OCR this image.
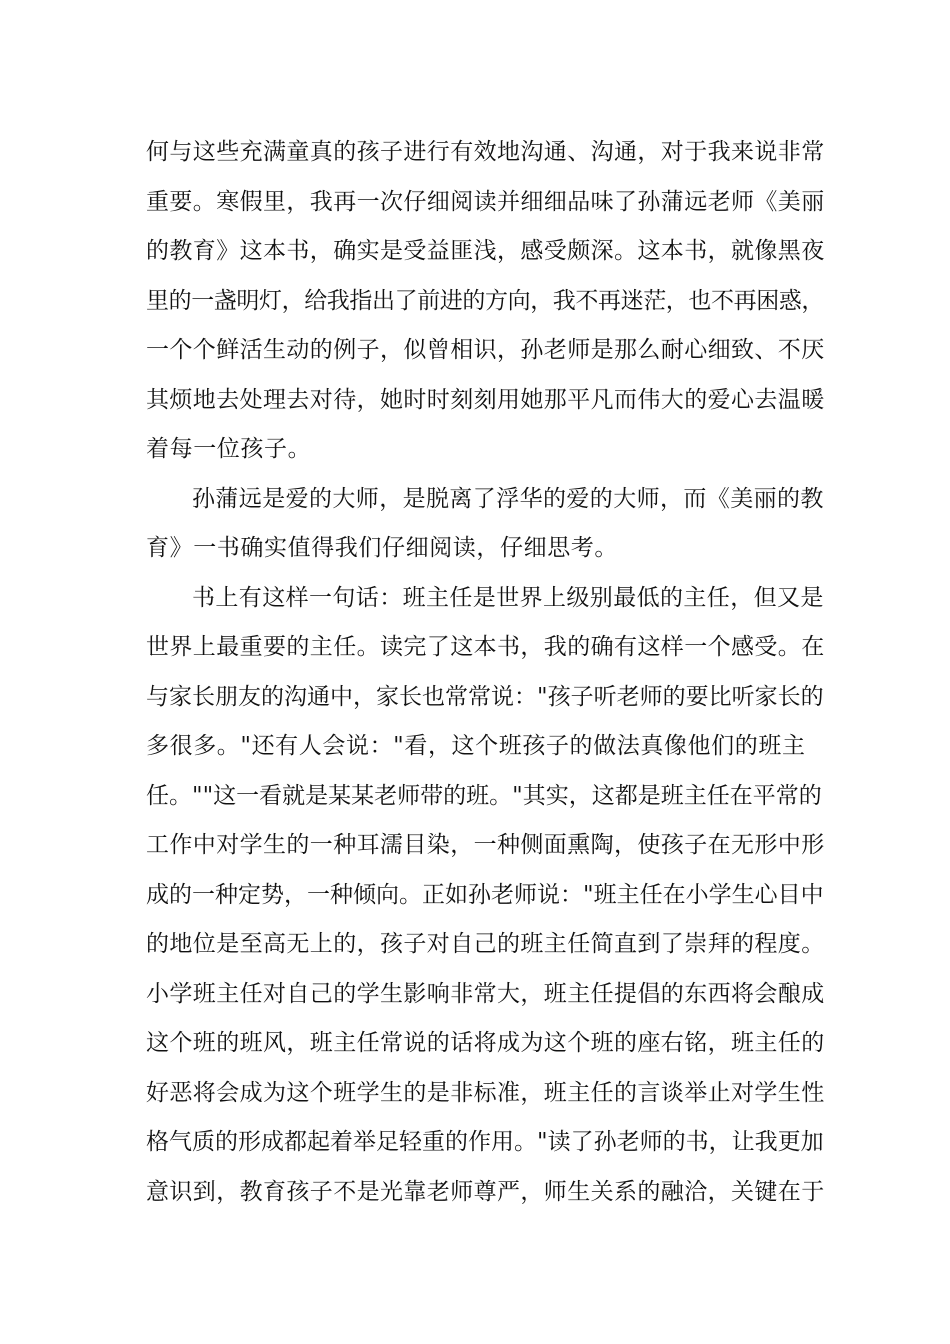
何与这些充满童真的孩子进行有效地沟通、沟通，对于我来说非常
重要。寒假里，我再一次仔细阅读并细细品味了孙蒲远老师《美丽
的教育》这本书，确实是受益匪浅，感受颇深。这本书，就像黑夜
里的一盏明灯，给我指出了前进的方向，我不再迷茫，也不再困惑，
一个个鲜活生动的例子，似曾相识，孙老师是那么耐心细致、不厌
其烦地去处理去对待，她时时刻刻用她那平凡而伟大的爱心去温暖
着每一位孩子。
孙蒲远是爱的大师，是脱离了浮华的爱的大师，而《美丽的教
育》一书确实值得我们仔细阅读，仔细思考。
书上有这样一句话：班主任是世界上级别最低的主任，但又是
世界上最重要的主任。读完了这本书，我的确有这样一个感受。在
与家长朋友的沟通中，家长也常常说："孩子听老师的要比听家长的
多很多。"还有人会说："看，这个班孩子的做法真像他们的班主
任。""这一看就是某某老师带的班。"其实，这都是班主任在平常的
工作中对学生的一种耳濡目染，一种侧面熏陶，使孩子在无形中形
成的一种定势，一种倾向。正如孙老师说："班主任在小学生心目中
的地位是至高无上的，孩子对自己的班主任简直到了崇拜的程度。
小学班主任对自己的学生影响非常大，班主任提倡的东西将会酿成
这个班的班风，班主任常说的话将成为这个班的座右铭，班主任的
好恶将会成为这个班学生的是非标准，班主任的言谈举止对学生性
格气质的形成都起着举足轻重的作用。"读了孙老师的书，让我更加
意识到，教育孩子不是光靠老师尊严，师生关系的融洽，关键在于
